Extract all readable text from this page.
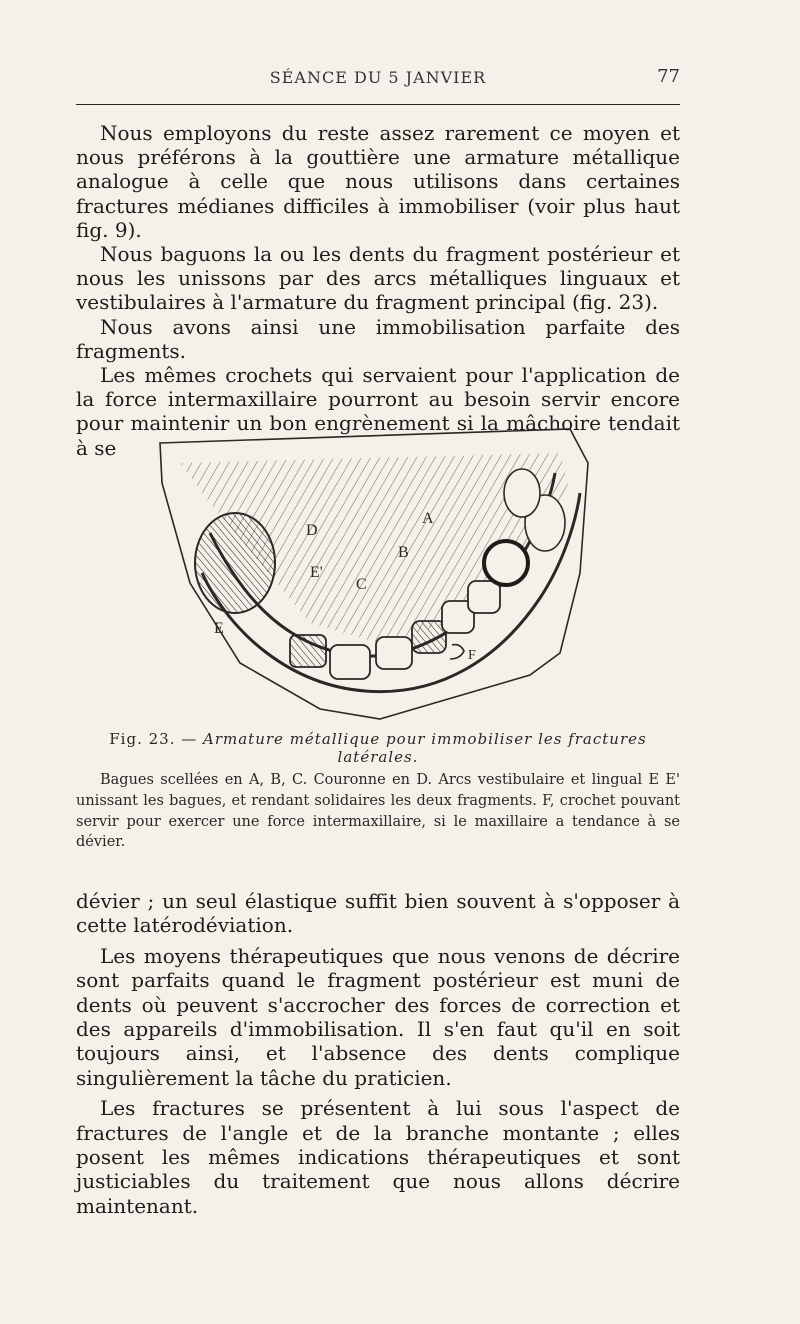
SÉANCE DU 5 JANVIER	77

Nous employons du reste assez rarement ce moyen et nous préférons à la gouttière une armature métallique analogue à celle que nous utilisons dans certaines fractures médianes difficiles à immobiliser (voir plus haut fig. 9).

Nous baguons la ou les dents du fragment postérieur et nous les unissons par des arcs métalliques linguaux et vestibulaires à l'armature du fragment principal (fig. 23).

Nous avons ainsi une immobilisation parfaite des fragments.

Les mêmes crochets qui servaient pour l'application de la force intermaxillaire pourront au besoin servir encore pour maintenir un bon engrènement si la mâchoire tendait à se

A
B
C
D
E
E'
F
Fig. 23. — Armature métallique pour immobiliser les fractures latérales.

Bagues scellées en A, B, C. Couronne en D. Arcs vestibulaire et lingual E E' unissant les bagues, et rendant solidaires les deux fragments. F, crochet pouvant servir pour exercer une force intermaxillaire, si le maxillaire a tendance à se dévier.

dévier ; un seul élastique suffit bien souvent à s'opposer à cette latérodéviation.

Les moyens thérapeutiques que nous venons de décrire sont parfaits quand le fragment postérieur est muni de dents où peuvent s'accrocher des forces de correction et des appareils d'immobilisation. Il s'en faut qu'il en soit toujours ainsi, et l'absence des dents complique singulièrement la tâche du praticien.

Les fractures se présentent à lui sous l'aspect de fractures de l'angle et de la branche montante ; elles posent les mêmes indications thérapeutiques et sont justiciables du traitement que nous allons décrire maintenant.
